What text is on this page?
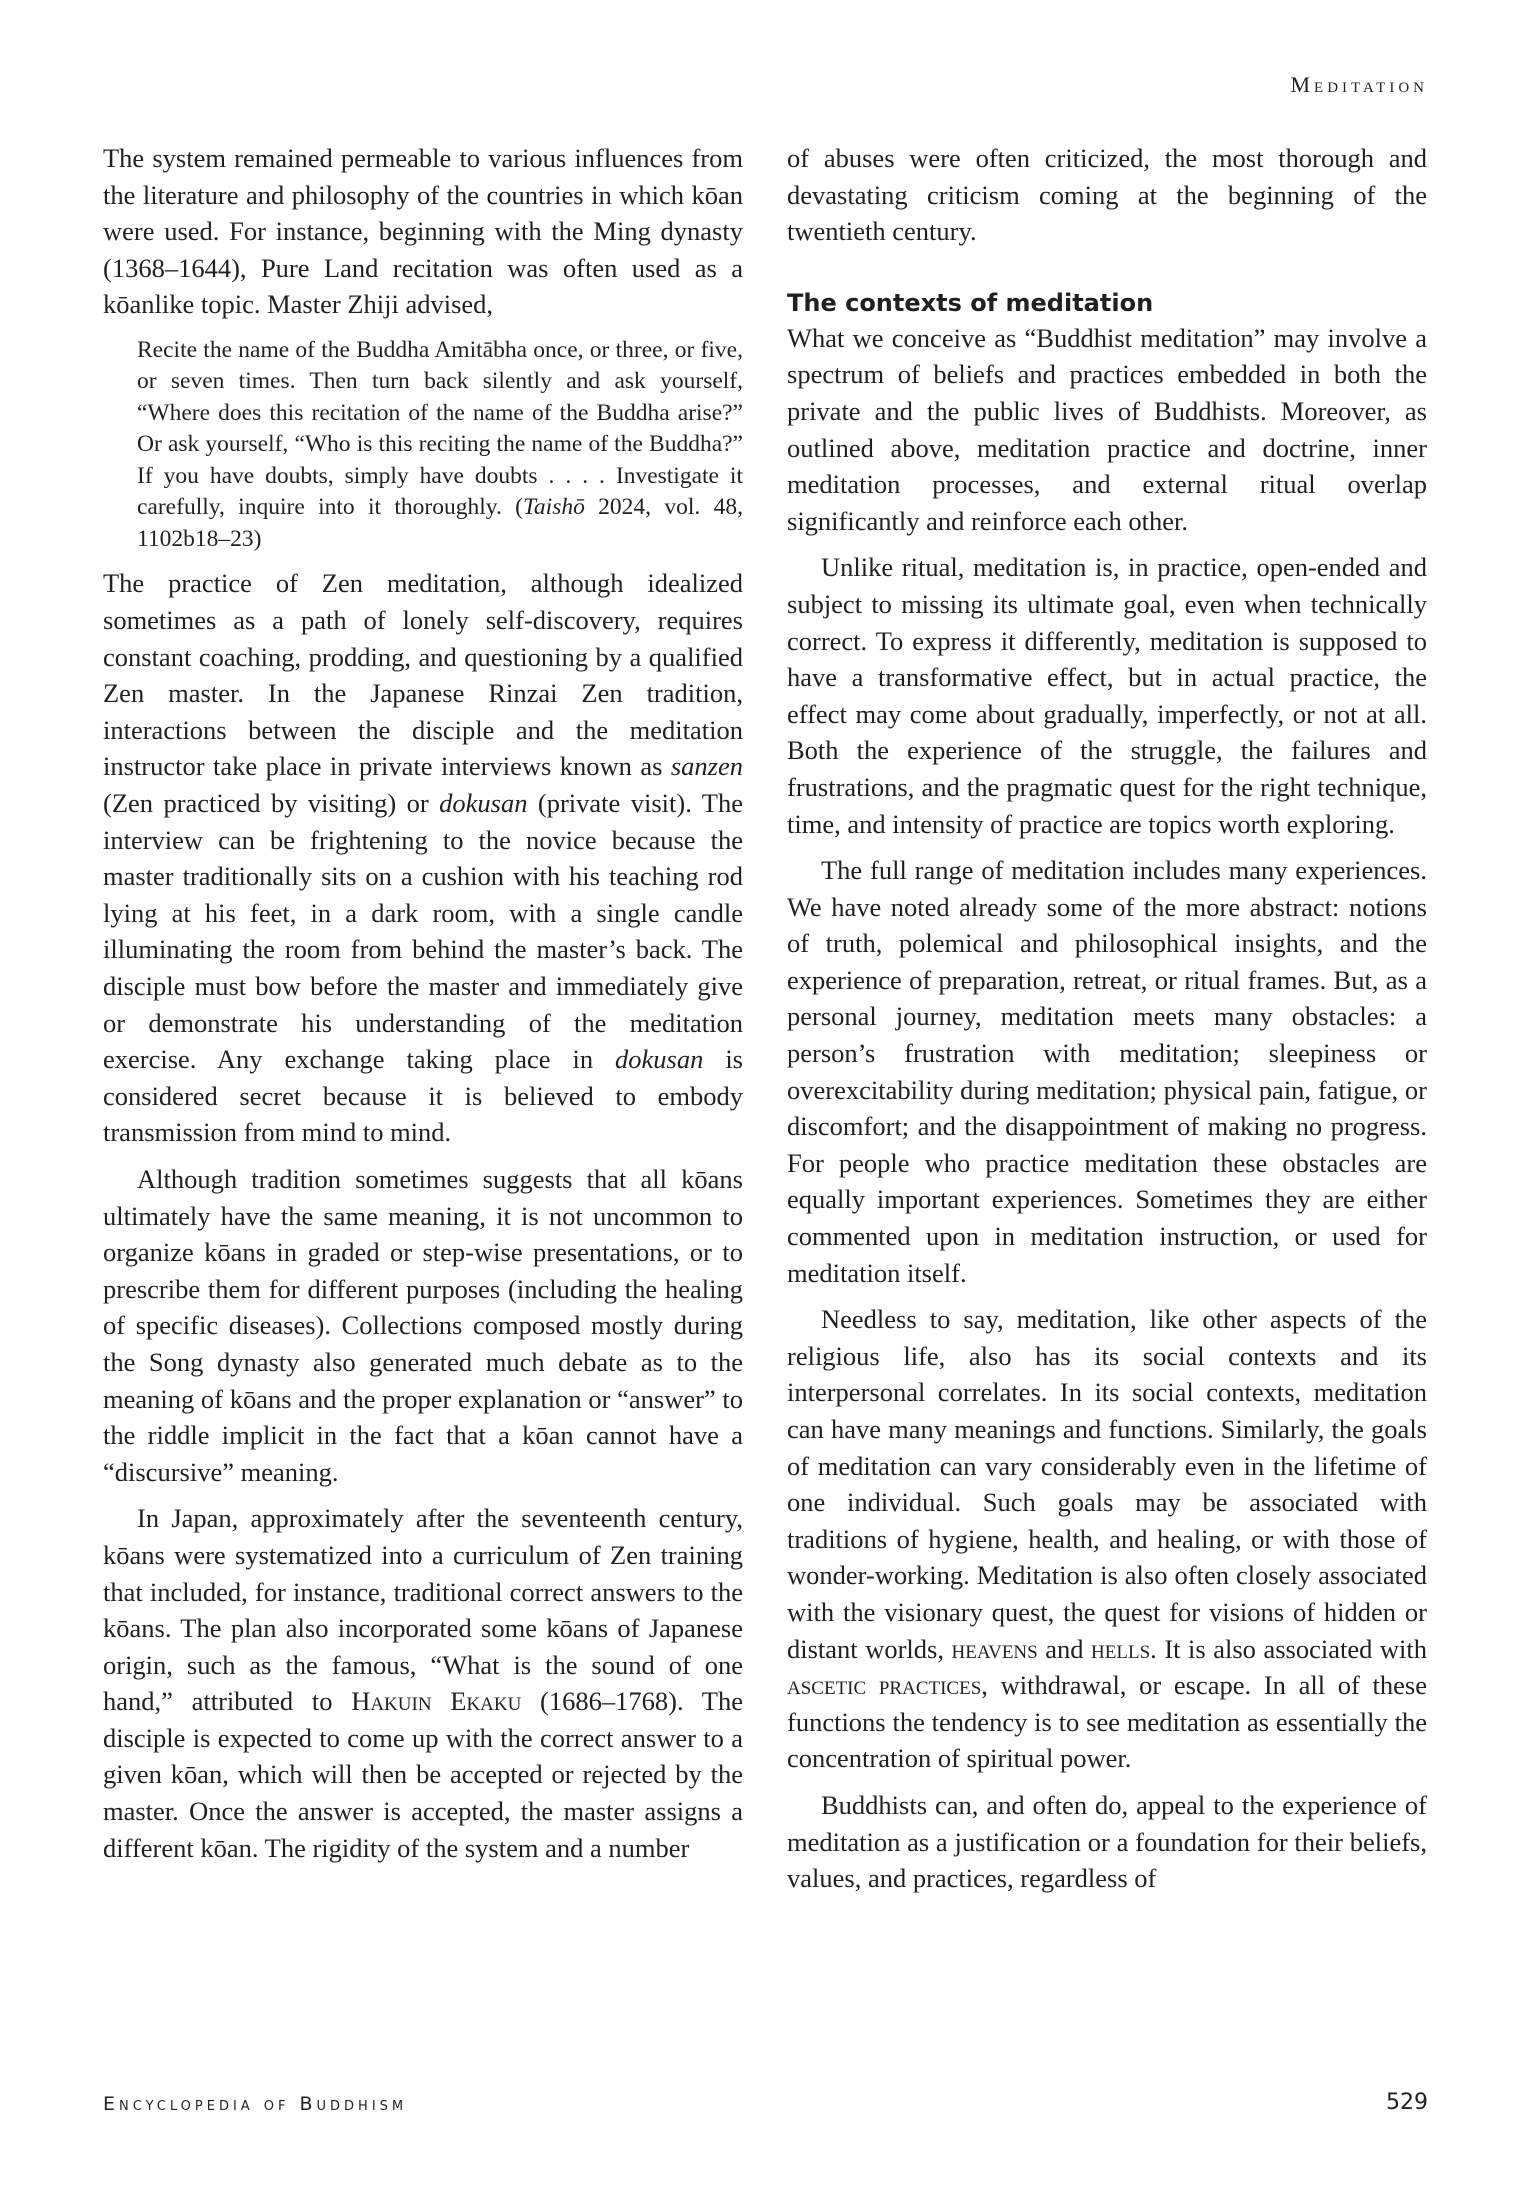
Meditation

The system remained permeable to various influences from the literature and philosophy of the countries in which kōan were used. For instance, beginning with the Ming dynasty (1368–1644), Pure Land recitation was often used as a kōanlike topic. Master Zhiji advised,

Recite the name of the Buddha Amitābha once, or three, or five, or seven times. Then turn back silently and ask yourself, “Where does this recitation of the name of the Buddha arise?” Or ask yourself, “Who is this reciting the name of the Buddha?” If you have doubts, simply have doubts . . . . Investigate it carefully, inquire into it thoroughly. (Taishō 2024, vol. 48, 1102b18–23)

The practice of Zen meditation, although idealized sometimes as a path of lonely self-discovery, requires constant coaching, prodding, and questioning by a qualified Zen master. In the Japanese Rinzai Zen tradition, interactions between the disciple and the meditation instructor take place in private interviews known as sanzen (Zen practiced by visiting) or dokusan (private visit). The interview can be frightening to the novice because the master traditionally sits on a cushion with his teaching rod lying at his feet, in a dark room, with a single candle illuminating the room from behind the master’s back. The disciple must bow before the master and immediately give or demonstrate his understanding of the meditation exercise. Any exchange taking place in dokusan is considered secret because it is believed to embody transmission from mind to mind.

Although tradition sometimes suggests that all kōans ultimately have the same meaning, it is not uncommon to organize kōans in graded or step-wise presentations, or to prescribe them for different purposes (including the healing of specific diseases). Collections composed mostly during the Song dynasty also generated much debate as to the meaning of kōans and the proper explanation or “answer” to the riddle implicit in the fact that a kōan cannot have a “discursive” meaning.

In Japan, approximately after the seventeenth century, kōans were systematized into a curriculum of Zen training that included, for instance, traditional correct answers to the kōans. The plan also incorporated some kōans of Japanese origin, such as the famous, “What is the sound of one hand,” attributed to Hakuin Ekaku (1686–1768). The disciple is expected to come up with the correct answer to a given kōan, which will then be accepted or rejected by the master. Once the answer is accepted, the master assigns a different kōan. The rigidity of the system and a number

of abuses were often criticized, the most thorough and devastating criticism coming at the beginning of the twentieth century.

The contexts of meditation

What we conceive as “Buddhist meditation” may involve a spectrum of beliefs and practices embedded in both the private and the public lives of Buddhists. Moreover, as outlined above, meditation practice and doctrine, inner meditation processes, and external ritual overlap significantly and reinforce each other.

Unlike ritual, meditation is, in practice, open-ended and subject to missing its ultimate goal, even when technically correct. To express it differently, meditation is supposed to have a transformative effect, but in actual practice, the effect may come about gradually, imperfectly, or not at all. Both the experience of the struggle, the failures and frustrations, and the pragmatic quest for the right technique, time, and intensity of practice are topics worth exploring.

The full range of meditation includes many experiences. We have noted already some of the more abstract: notions of truth, polemical and philosophical insights, and the experience of preparation, retreat, or ritual frames. But, as a personal journey, meditation meets many obstacles: a person’s frustration with meditation; sleepiness or overexcitability during meditation; physical pain, fatigue, or discomfort; and the disappointment of making no progress. For people who practice meditation these obstacles are equally important experiences. Sometimes they are either commented upon in meditation instruction, or used for meditation itself.

Needless to say, meditation, like other aspects of the religious life, also has its social contexts and its interpersonal correlates. In its social contexts, meditation can have many meanings and functions. Similarly, the goals of meditation can vary considerably even in the lifetime of one individual. Such goals may be associated with traditions of hygiene, health, and healing, or with those of wonder-working. Meditation is also often closely associated with the visionary quest, the quest for visions of hidden or distant worlds, heavens and hells. It is also associated with ascetic practices, withdrawal, or escape. In all of these functions the tendency is to see meditation as essentially the concentration of spiritual power.

Buddhists can, and often do, appeal to the experience of meditation as a justification or a foundation for their beliefs, values, and practices, regardless of

Encyclopedia of Buddhism	529
